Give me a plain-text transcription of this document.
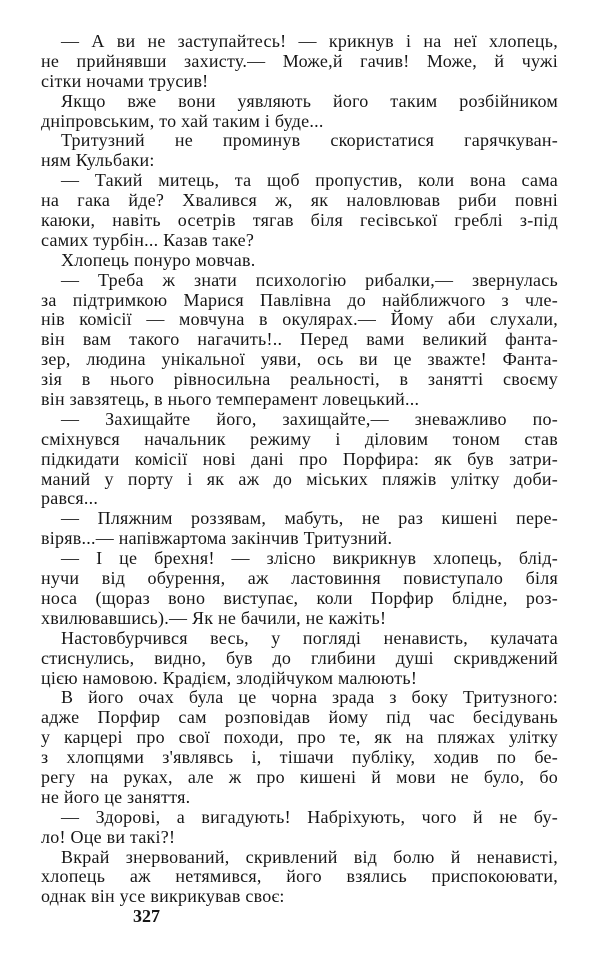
— А ви не заступайтесь! — крикнув і на неї хлопець,
не прийнявши захисту.— Може,й гачив! Може, й чужі
сітки ночами трусив!
Якщо вже вони уявляють його таким розбійником
дніпровським, то хай таким і буде...
Тритузний не проминув скористатися гарячкуван-
ням Кульбаки:
— Такий митець, та щоб пропустив, коли вона сама
на гака йде? Хвалився ж, як наловлював риби повні
каюки, навіть осетрів тягав біля гесівської греблі з-під
самих турбін... Казав таке?
Хлопець понуро мовчав.
— Треба ж знати психологію рибалки,— звернулась
за підтримкою Марися Павлівна до найближчого з чле-
нів комісії — мовчуна в окулярах.— Йому аби слухали,
він вам такого нагачить!.. Перед вами великий фанта-
зер, людина унікальної уяви, ось ви це зважте! Фанта-
зія в нього рівносильна реальності, в занятті своєму
він завзятець, в нього темперамент ловецький...
— Захищайте його, захищайте,— зневажливо по-
сміхнувся начальник режиму і діловим тоном став
підкидати комісії нові дані про Порфира: як був затри-
маний у порту і як аж до міських пляжів улітку доби-
рався...
— Пляжним роззявам, мабуть, не раз кишені пере-
віряв...— напівжартома закінчив Тритузний.
— І це брехня! — злісно викрикнув хлопець, блід-
нучи від обурення, аж ластовиння повиступало біля
носа (щораз воно виступає, коли Порфир блідне, роз-
хвилювавшись).— Як не бачили, не кажіть!
Настовбурчився весь, у погляді ненависть, кулачата
стиснулись, видно, був до глибини душі скривджений
цією намовою. Крадієм, злодійчуком малюють!
В його очах була це чорна зрада з боку Тритузного:
адже Порфир сам розповідав йому під час бесідувань
у карцері про свої походи, про те, як на пляжах улітку
з хлопцями з'являвсь і, тішачи публіку, ходив по бе-
регу на руках, але ж про кишені й мови не було, бо
не його це заняття.
— Здорові, а вигадують! Набріхують, чого й не бу-
ло! Оце ви такі?!
Вкрай знервований, скривлений від болю й ненависті,
хлопець аж нетямився, його взялись приспокоювати,
однак він усе викрикував своє:
327
